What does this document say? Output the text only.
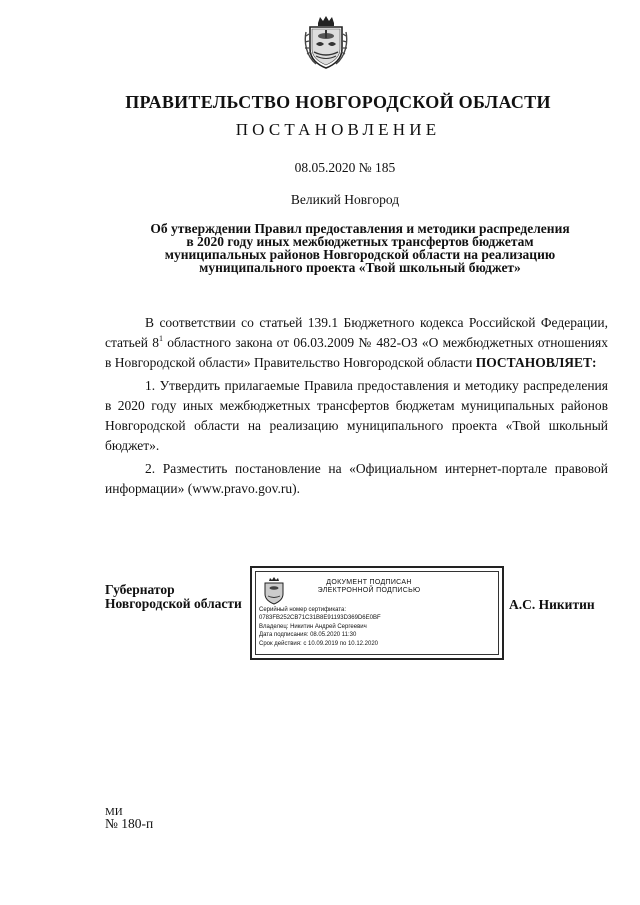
ПРАВИТЕЛЬСТВО НОВГОРОДСКОЙ ОБЛАСТИ
ПОСТАНОВЛЕНИЕ
08.05.2020 № 185
Великий Новгород
Об утверждении Правил предоставления и методики распределения
в 2020 году иных межбюджетных трансфертов бюджетам
муниципальных районов Новгородской области на реализацию
муниципального проекта «Твой школьный бюджет»

В соответствии со статьей 139.1 Бюджетного кодекса Российской Федерации, статьей $8^1$ областного закона от 06.03.2009 № 482-ОЗ «О межбюджетных отношениях в Новгородской области» Правительство Новгородской области ПОСТАНОВЛЯЕТ:

1. Утвердить прилагаемые Правила предоставления и методику распределения в 2020 году иных межбюджетных трансфертов бюджетам муниципальных районов Новгородской области на реализацию муниципального проекта «Твой школьный бюджет».

2. Разместить постановление на «Официальном интернет-портале правовой информации» (www.pravo.gov.ru).

Губернатор
Новгородской области
ДОКУМЕНТ ПОДПИСАН
ЭЛЕКТРОННОЙ ПОДПИСЬЮ
Серийный номер сертификата:
0783FB252CB71C31B8E91193D369D6E0BF
Владелец: Никитин Андрей Сергеевич
Дата подписания: 08.05.2020 11:30
Срок действия: с 10.09.2019 по 10.12.2020
А.С. Никитин
МИ
№ 180-п
